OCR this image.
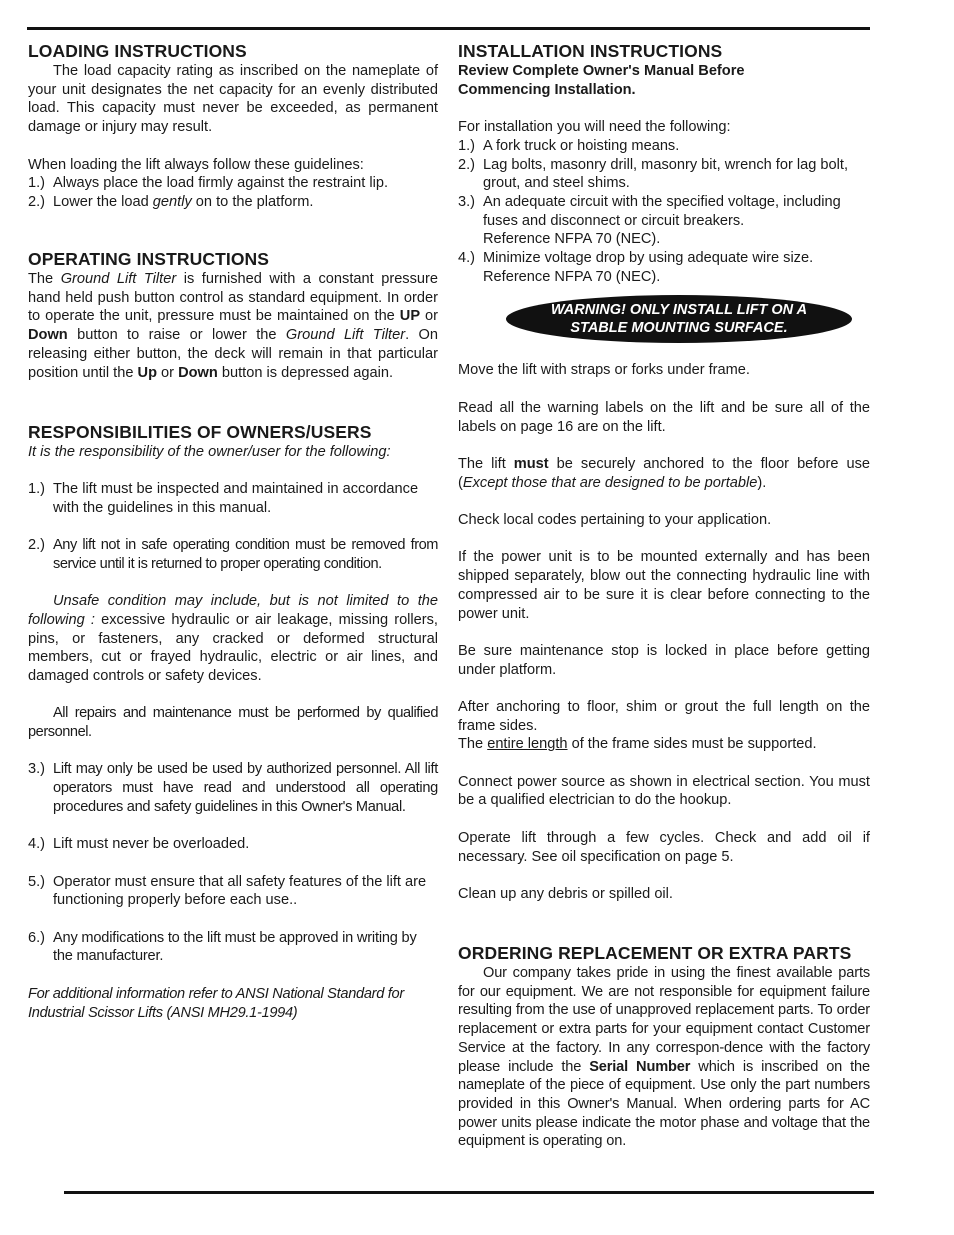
LOADING INSTRUCTIONS

The load capacity rating as inscribed on the nameplate of your unit designates the net capacity for an evenly distributed load. This capacity must never be exceeded, as permanent damage or injury may result.

When loading the lift always follow these guidelines:

1.) Always place the load firmly against the restraint lip.
2.) Lower the load gently on to the platform.
OPERATING INSTRUCTIONS

The Ground Lift Tilter is furnished with a constant pressure hand held push button control as standard equipment. In order to operate the unit, pressure must be maintained on the UP or Down button to raise or lower the Ground Lift Tilter. On releasing either button, the deck will remain in that particular position until the Up or Down button is depressed again.

RESPONSIBILITIES OF OWNERS/USERS

It is the responsibility of the owner/user for the following:

1.) The lift must be inspected and maintained in accordance with the guidelines in this manual.
2.) Any lift not in safe operating condition must be removed from service until it is returned to proper operating condition.

Unsafe condition may include, but is not limited to the following : excessive hydraulic or air leakage, missing rollers, pins, or fasteners, any cracked or deformed structural members, cut or frayed hydraulic, electric or air lines, and damaged controls or safety devices.

All repairs and maintenance must be performed by qualified personnel.

3.) Lift may only be used be used by authorized personnel. All lift operators must have read and understood all operating procedures and safety guidelines in this Owner's Manual.
4.) Lift must never be overloaded.
5.) Operator must ensure that all safety features of the lift are functioning properly before each use..
6.) Any modifications to the lift must be approved in writing by the manufacturer.

For additional information refer to ANSI National Standard for Industrial Scissor Lifts (ANSI MH29.1-1994)

INSTALLATION INSTRUCTIONS

Review Complete Owner's Manual Before

Commencing Installation.

For installation you will need the following:

1.) A fork truck or hoisting means.
2.) Lag bolts, masonry drill, masonry bit, wrench for lag bolt, grout, and steel shims.
3.) An adequate circuit with the specified voltage, including fuses and disconnect or circuit breakers.
Reference NFPA 70 (NEC).
4.) Minimize voltage drop by using adequate wire size.
Reference NFPA 70 (NEC).
WARNING! ONLY INSTALL LIFT ON A
STABLE MOUNTING SURFACE.

Move the lift with straps or forks under frame.

Read all the warning labels on the lift and be sure all of the labels on page 16 are on the lift.

The lift must be securely anchored to the floor before use (Except those that are designed to be portable).

Check local codes pertaining to your application.

If the power unit is to be mounted externally and has been shipped separately, blow out the connecting hydraulic line with compressed air to be sure it is clear before connecting to the power unit.

Be sure maintenance stop is locked in place before getting under platform.

After anchoring to floor, shim or grout the full length on the frame sides.

The entire length of the frame sides must be supported.

Connect power source as shown in electrical section. You must be a qualified electrician to do the hookup.

Operate lift through a few cycles. Check and add oil if necessary. See oil specification on page 5.

Clean up any debris or spilled oil.

ORDERING REPLACEMENT OR EXTRA PARTS

Our company takes pride in using the finest available parts for our equipment. We are not responsible for equipment failure resulting from the use of unapproved replacement parts. To order replacement or extra parts for your equipment contact Customer Service at the factory. In any correspon-dence with the factory please include the Serial Number which is inscribed on the nameplate of the piece of equipment. Use only the part numbers provided in this Owner's Manual. When ordering parts for AC power units please indicate the motor phase and voltage that the equipment is operating on.
